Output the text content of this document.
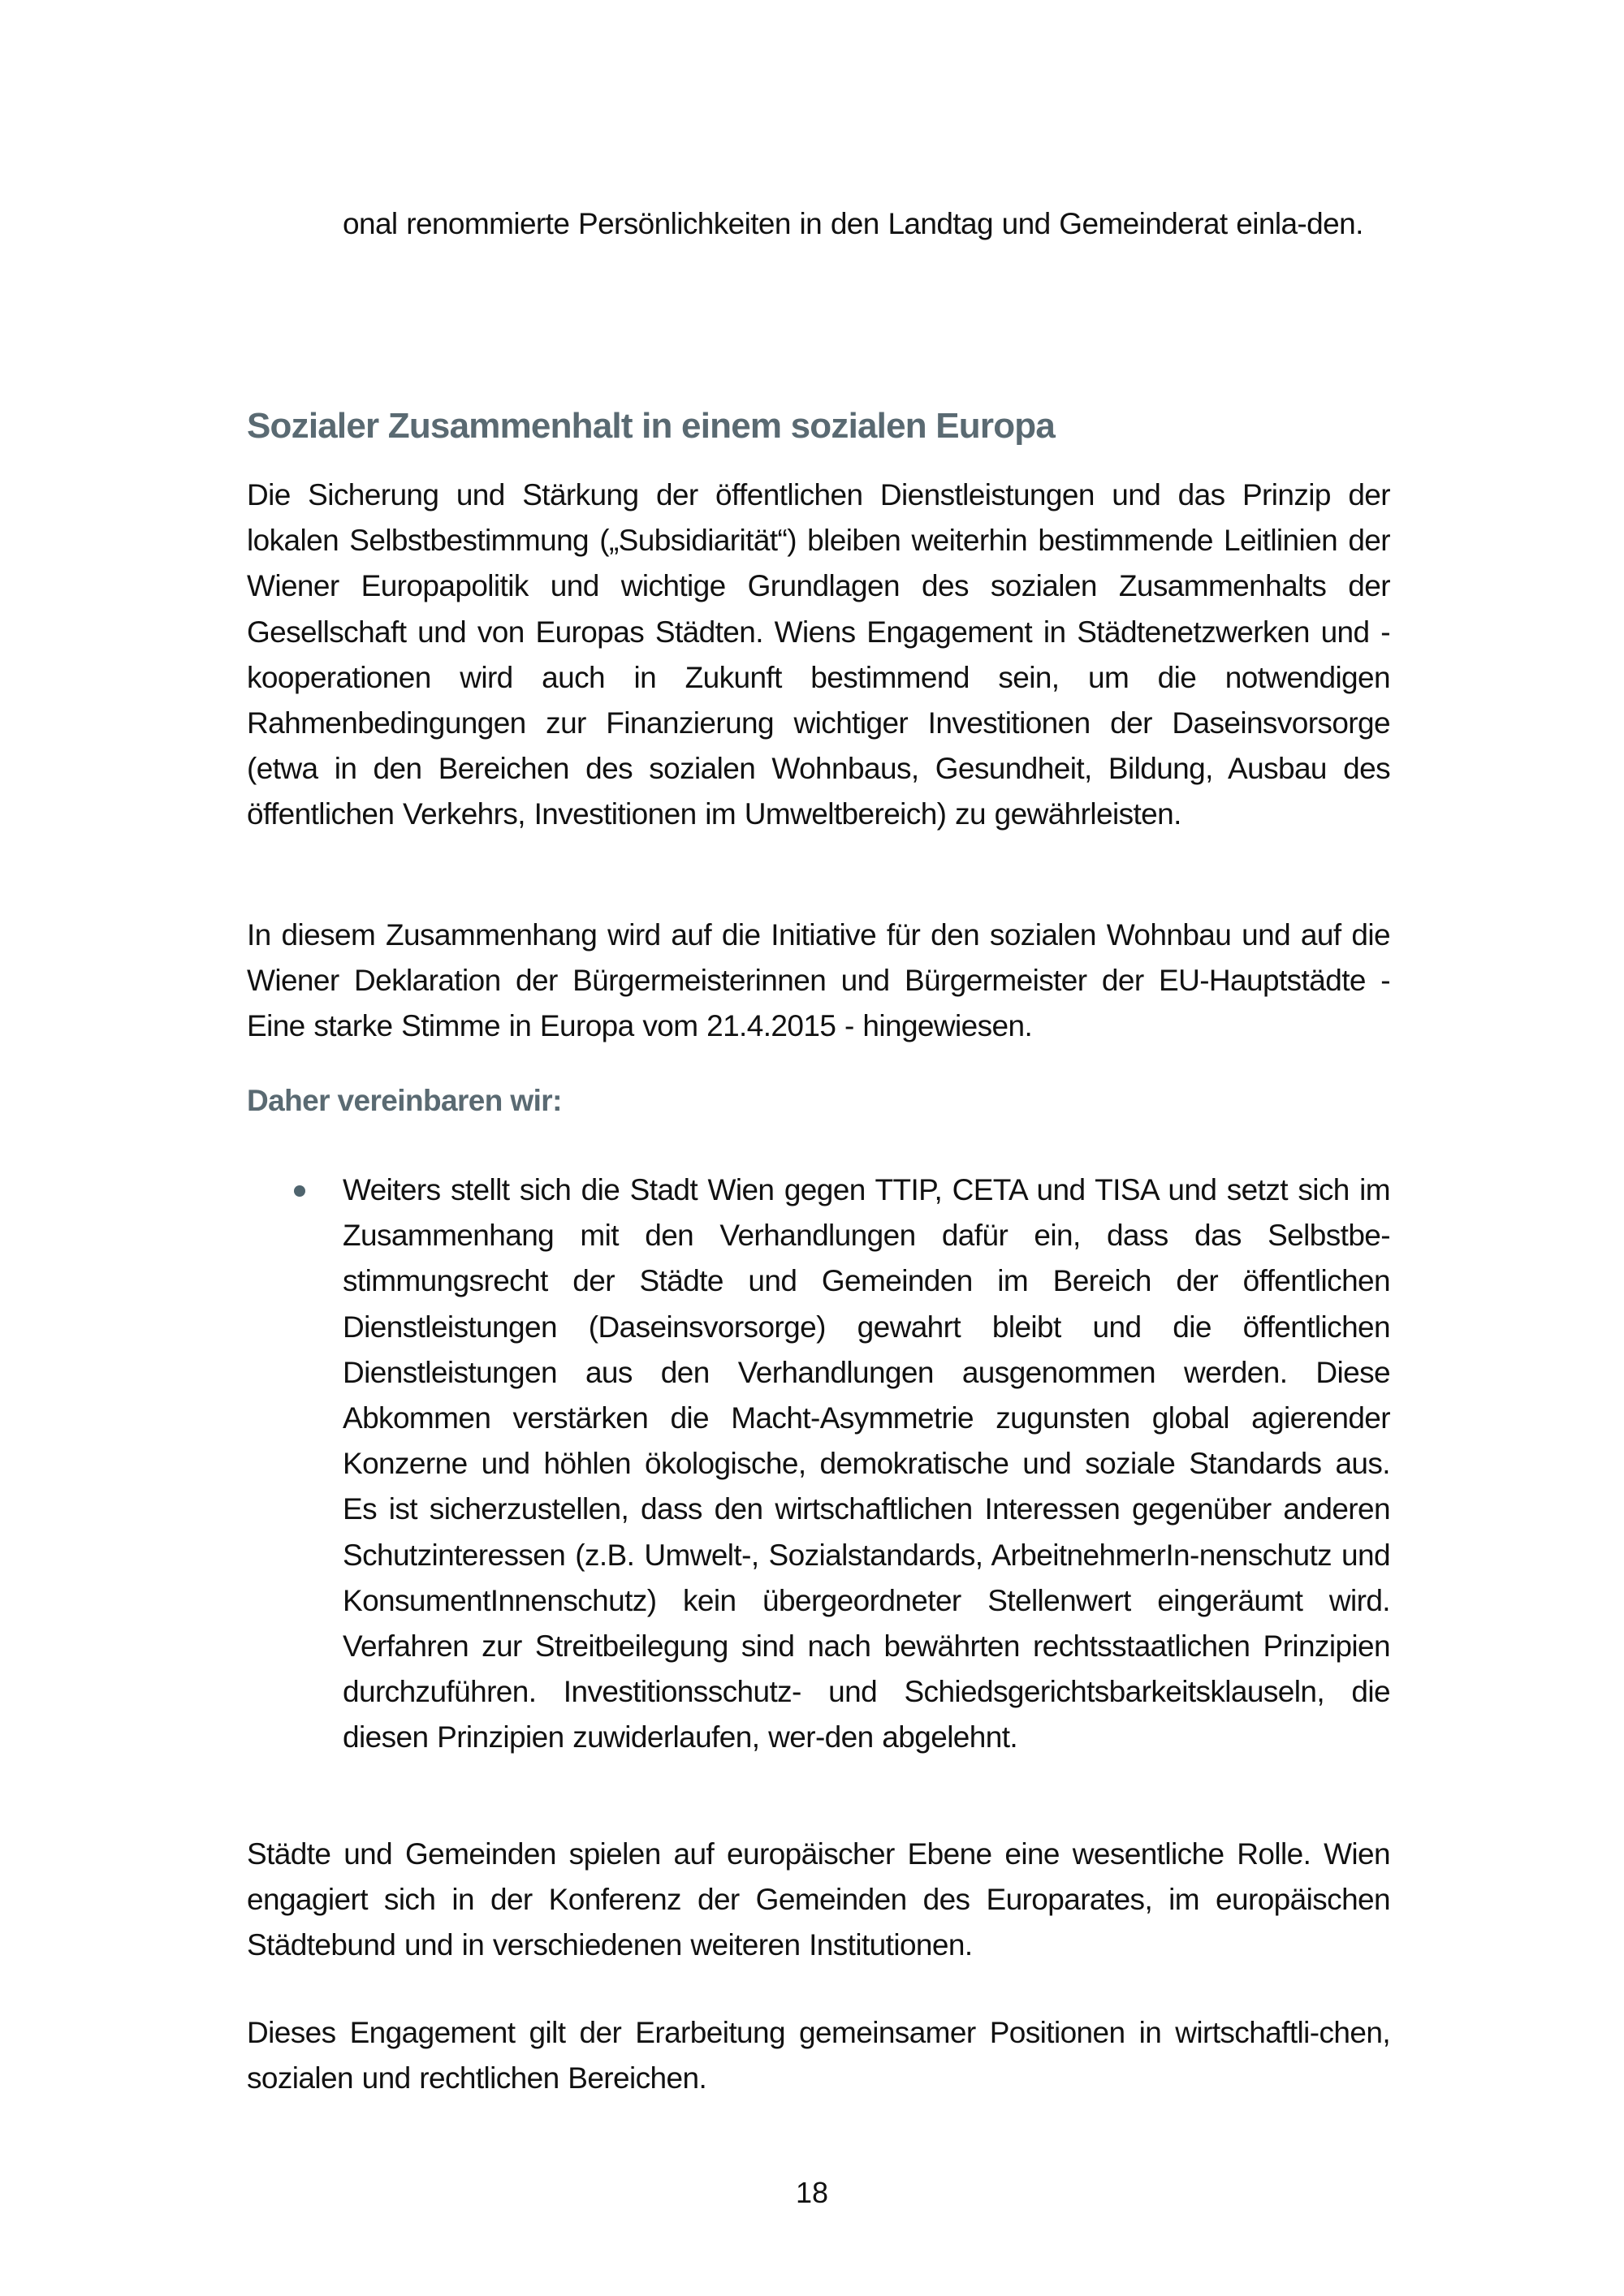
onal renommierte Persönlichkeiten in den Landtag und Gemeinderat einla-den.

Sozialer Zusammenhalt in einem sozialen Europa

Die Sicherung und Stärkung der öffentlichen Dienstleistungen und das Prinzip der lokalen Selbstbestimmung („Subsidiarität“) bleiben weiterhin bestimmende Leitlinien der Wiener Europapolitik und wichtige Grundlagen des sozialen Zusammenhalts der Gesellschaft und von Europas Städten. Wiens Engagement in Städtenetzwerken und -kooperationen wird auch in Zukunft bestimmend sein, um die notwendigen Rahmenbedingungen zur Finanzierung wichtiger Investitionen der Daseinsvorsorge (etwa in den Bereichen des sozialen Wohnbaus, Gesundheit, Bildung, Ausbau des öffentlichen Verkehrs, Investitionen im Umweltbereich) zu gewährleisten.

In diesem Zusammenhang wird auf die Initiative für den sozialen Wohnbau und auf die Wiener Deklaration der Bürgermeisterinnen und Bürgermeister der EU-Hauptstädte - Eine starke Stimme in Europa vom 21.4.2015 - hingewiesen.

Daher vereinbaren wir:

Weiters stellt sich die Stadt Wien gegen TTIP, CETA und TISA und setzt sich im Zusammenhang mit den Verhandlungen dafür ein, dass das Selbstbe-stimmungsrecht der Städte und Gemeinden im Bereich der öffentlichen Dienstleistungen (Daseinsvorsorge) gewahrt bleibt und die öffentlichen Dienstleistungen aus den Verhandlungen ausgenommen werden. Diese Abkommen verstärken die Macht-Asymmetrie zugunsten global agierender Konzerne und höhlen ökologische, demokratische und soziale Standards aus. Es ist sicherzustellen, dass den wirtschaftlichen Interessen gegenüber anderen Schutzinteressen (z.B. Umwelt-, Sozialstandards, ArbeitnehmerIn-nenschutz und KonsumentInnenschutz) kein übergeordneter Stellenwert eingeräumt wird. Verfahren zur Streitbeilegung sind nach bewährten rechtsstaatlichen Prinzipien durchzuführen. Investitionsschutz- und Schiedsgerichtsbarkeitsklauseln, die diesen Prinzipien zuwiderlaufen, wer-den abgelehnt.

Städte und Gemeinden spielen auf europäischer Ebene eine wesentliche Rolle. Wien engagiert sich in der Konferenz der Gemeinden des Europarates, im europäischen Städtebund und in verschiedenen weiteren Institutionen.

Dieses Engagement gilt der Erarbeitung gemeinsamer Positionen in wirtschaftli-chen, sozialen und rechtlichen Bereichen.

18
